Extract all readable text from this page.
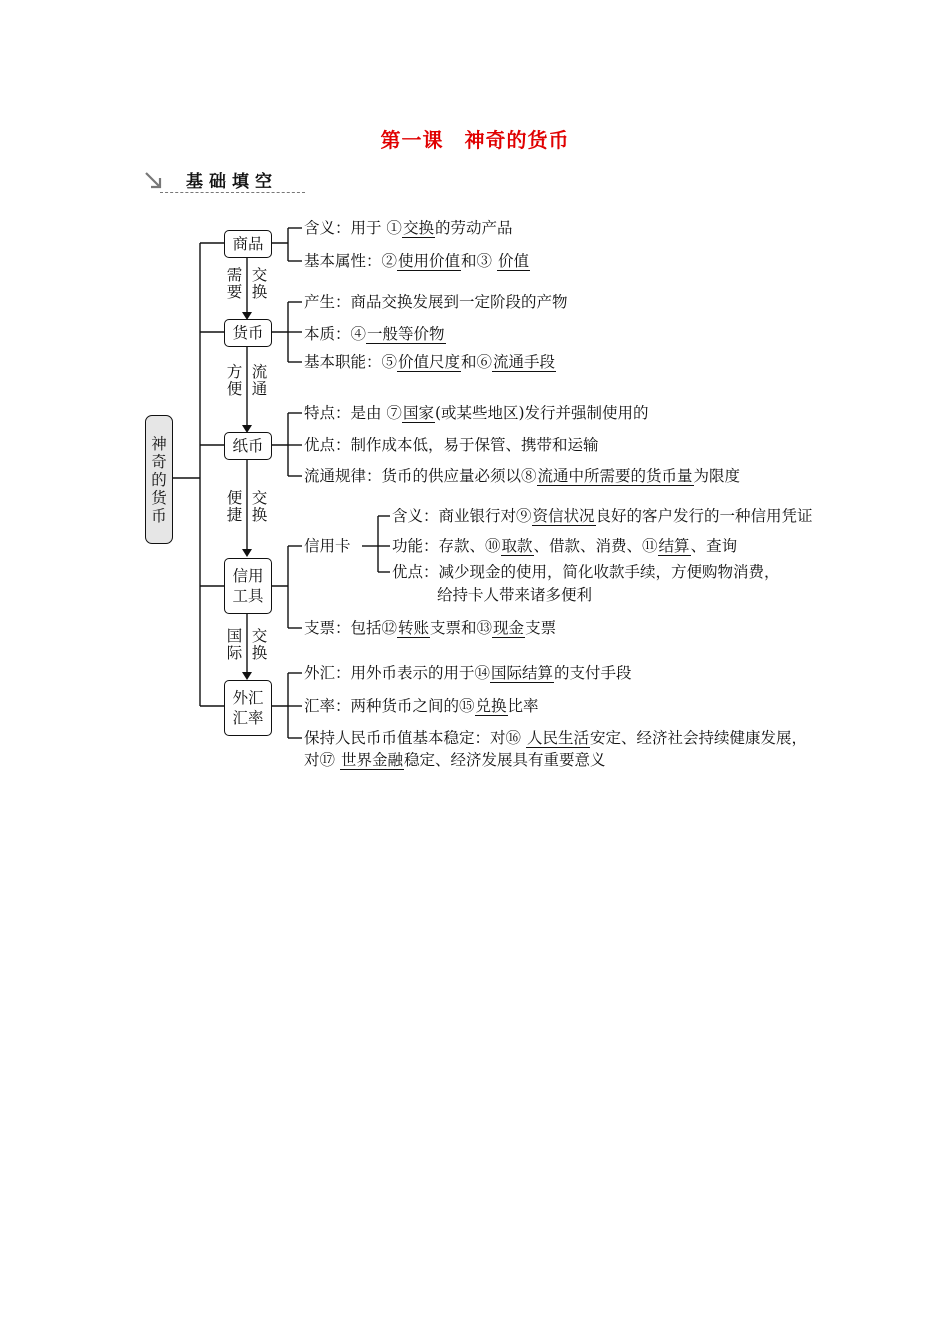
第一课　神奇的货币
基础填空
神奇的货币
商品
货币
纸币
信用工具
外汇汇率
需要
交换
方便
流通
便捷
交换
国际
交换
含义：用于 ①交换的劳动产品
基本属性：②使用价值和③ 价值
产生：商品交换发展到一定阶段的产物
本质：④一般等价物
基本职能：⑤价值尺度和⑥流通手段
特点：是由 ⑦国家(或某些地区)发行并强制使用的
优点：制作成本低，易于保管、携带和运输
流通规律：货币的供应量必须以⑧流通中所需要的货币量为限度
信用卡
含义：商业银行对⑨资信状况良好的客户发行的一种信用凭证
功能：存款、⑩取款、借款、消费、⑪结算、查询
优点：减少现金的使用，简化收款手续，方便购物消费，
给持卡人带来诸多便利
支票：包括⑫转账支票和⑬现金支票
外汇：用外币表示的用于⑭国际结算的支付手段
汇率：两种货币之间的⑮兑换比率
保持人民币币值基本稳定：对⑯ 人民生活安定、经济社会持续健康发展，
对⑰ 世界金融稳定、经济发展具有重要意义
